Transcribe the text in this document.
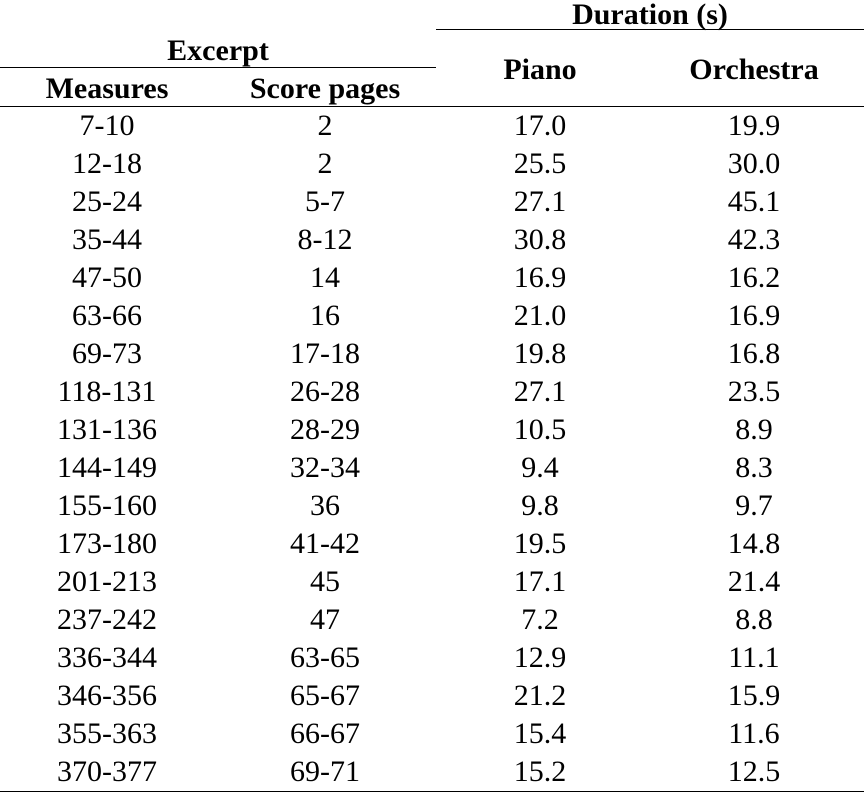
Duration (s)
Excerpt
Measures	Score pages
Piano	Orchestra
7-10	2	17.0	19.9
12-18	2	25.5	30.0
25-24	5-7	27.1	45.1
35-44	8-12	30.8	42.3
47-50	14	16.9	16.2
63-66	16	21.0	16.9
69-73	17-18	19.8	16.8
118-131	26-28	27.1	23.5
131-136	28-29	10.5	8.9
144-149	32-34	9.4	8.3
155-160	36	9.8	9.7
173-180	41-42	19.5	14.8
201-213	45	17.1	21.4
237-242	47	7.2	8.8
336-344	63-65	12.9	11.1
346-356	65-67	21.2	15.9
355-363	66-67	15.4	11.6
370-377	69-71	15.2	12.5
